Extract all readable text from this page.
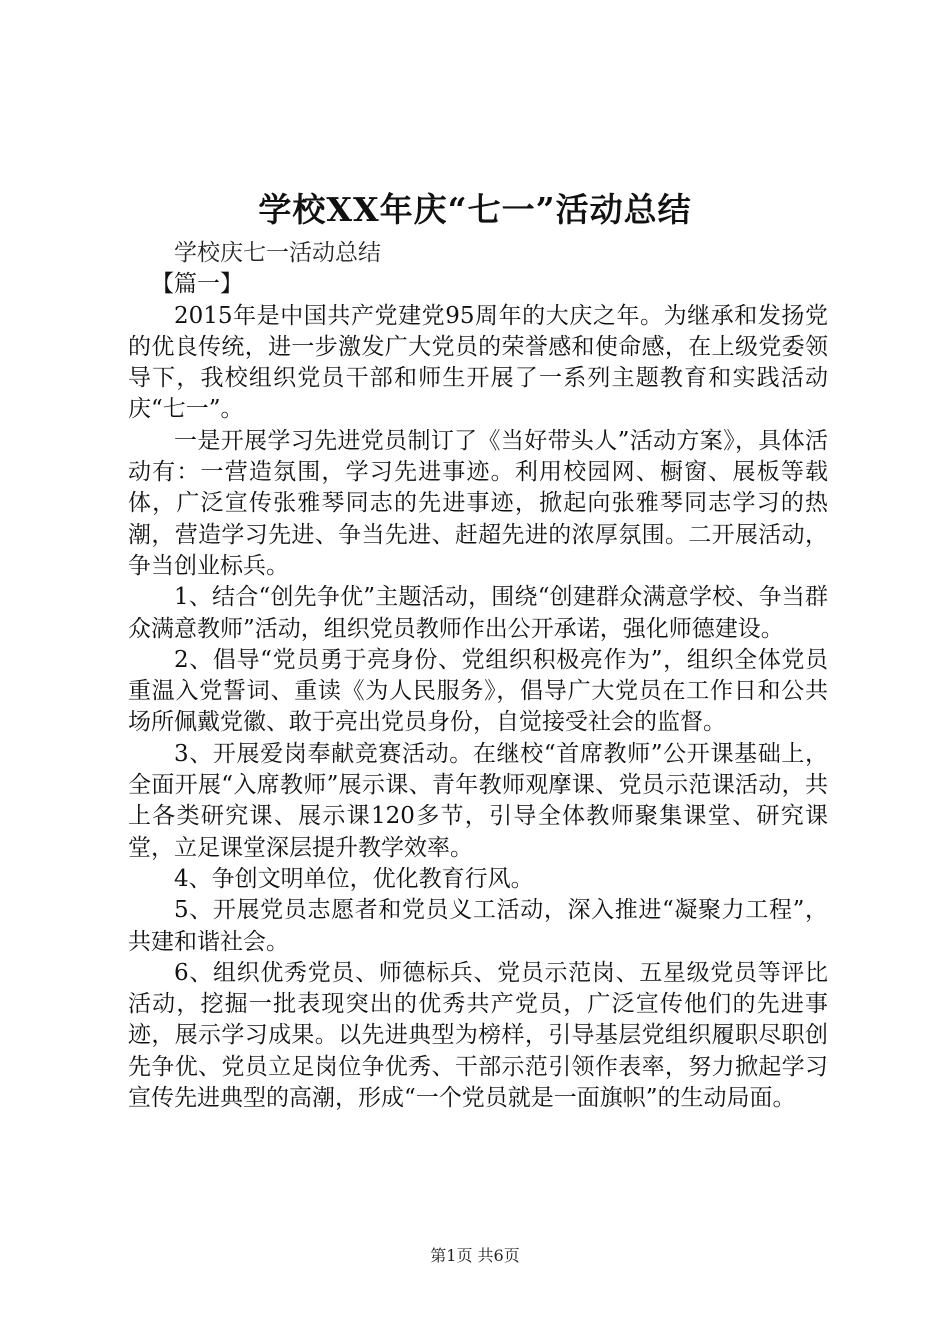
学校XX年庆“七一”活动总结

学校庆七一活动总结

【篇一】

2015年是中国共产党建党95周年的大庆之年。为继承和发扬党的优良传统，进一步激发广大党员的荣誉感和使命感，在上级党委领导下，我校组织党员干部和师生开展了一系列主题教育和实践活动庆“七一”。

一是开展学习先进党员制订了《当好带头人”活动方案》，具体活动有：一营造氛围，学习先进事迹。利用校园网、橱窗、展板等载体，广泛宣传张雅琴同志的先进事迹，掀起向张雅琴同志学习的热潮，营造学习先进、争当先进、赶超先进的浓厚氛围。二开展活动，争当创业标兵。

1、结合“创先争优”主题活动，围绕“创建群众满意学校、争当群众满意教师”活动，组织党员教师作出公开承诺，强化师德建设。

2、倡导“党员勇于亮身份、党组织积极亮作为”，组织全体党员重温入党誓词、重读《为人民服务》，倡导广大党员在工作日和公共场所佩戴党徽、敢于亮出党员身份，自觉接受社会的监督。

3、开展爱岗奉献竞赛活动。在继校“首席教师”公开课基础上，全面开展“入席教师”展示课、青年教师观摩课、党员示范课活动，共上各类研究课、展示课120多节，引导全体教师聚集课堂、研究课堂，立足课堂深层提升教学效率。

4、争创文明单位，优化教育行风。

5、开展党员志愿者和党员义工活动，深入推进“凝聚力工程”，共建和谐社会。

6、组织优秀党员、师德标兵、党员示范岗、五星级党员等评比活动，挖掘一批表现突出的优秀共产党员，广泛宣传他们的先进事迹，展示学习成果。以先进典型为榜样，引导基层党组织履职尽职创先争优、党员立足岗位争优秀、干部示范引领作表率，努力掀起学习宣传先进典型的高潮，形成“一个党员就是一面旗帜”的生动局面。

第1页 共6页
